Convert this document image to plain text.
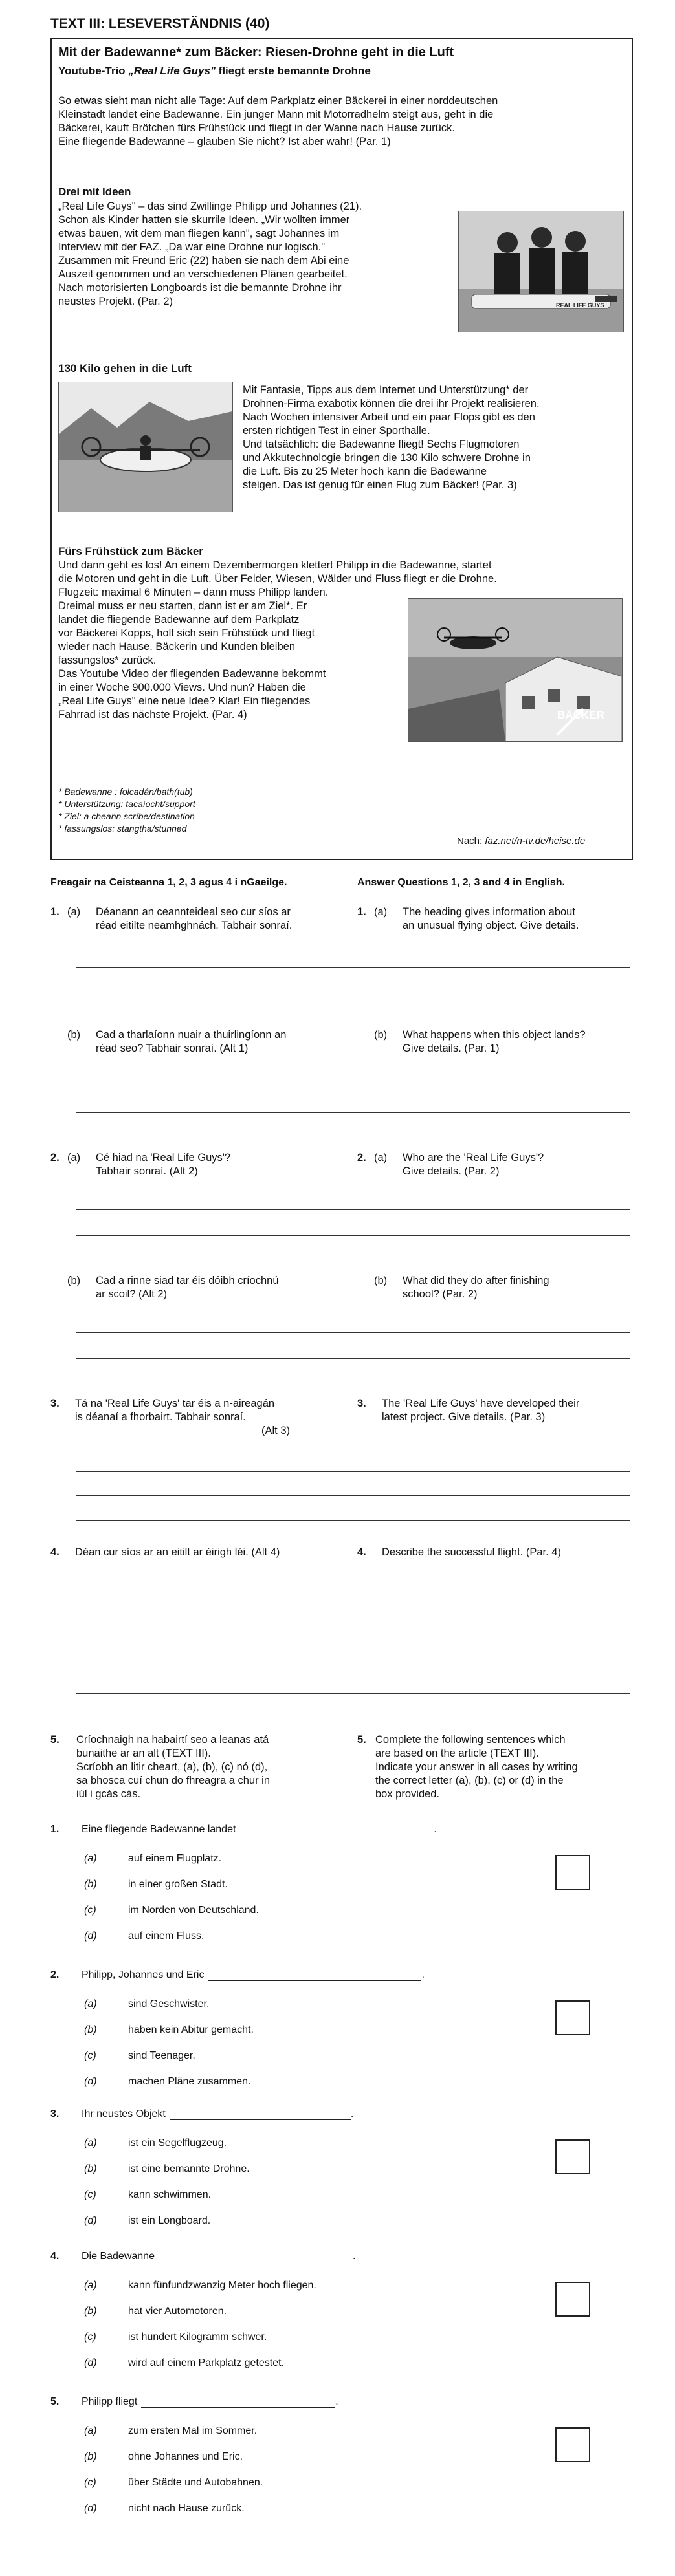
TEXT III: LESEVERSTÄNDNIS (40)
Mit der Badewanne* zum Bäcker: Riesen-Drohne geht in die Luft
Youtube-Trio „Real Life Guys" fliegt erste bemannte Drohne
So etwas sieht man nicht alle Tage: Auf dem Parkplatz einer Bäckerei in einer norddeutschen
Kleinstadt landet eine Badewanne. Ein junger Mann mit Motorradhelm steigt aus, geht in die
Bäckerei, kauft Brötchen fürs Frühstück und fliegt in der Wanne nach Hause zurück.
Eine fliegende Badewanne – glauben Sie nicht? Ist aber wahr! (Par. 1)
Drei mit Ideen
„Real Life Guys" – das sind Zwillinge Philipp und Johannes (21).
Schon als Kinder hatten sie skurrile Ideen. „Wir wollten immer
etwas bauen, wit dem man fliegen kann", sagt Johannes im
Interview mit der FAZ. „Da war eine Drohne nur logisch."
Zusammen mit Freund Eric (22) haben sie nach dem Abi eine
Auszeit genommen und an verschiedenen Plänen gearbeitet.
Nach motorisierten Longboards ist die bemannte Drohne ihr
neustes Projekt. (Par. 2)	REAL LIFE GUYS
130 Kilo gehen in die Luft
Mit Fantasie, Tipps aus dem Internet und Unterstützung* der
Drohnen-Firma exabotix können die drei ihr Projekt realisieren.
Nach Wochen intensiver Arbeit und ein paar Flops gibt es den
ersten richtigen Test in einer Sporthalle.
Und tatsächlich: die Badewanne fliegt! Sechs Flugmotoren
und Akkutechnologie bringen die 130 Kilo schwere Drohne in
die Luft. Bis zu 25 Meter hoch kann die Badewanne
steigen. Das ist genug für einen Flug zum Bäcker! (Par. 3)
Fürs Frühstück zum Bäcker
Und dann geht es los! An einem Dezembermorgen klettert Philipp in die Badewanne, startet
die Motoren und geht in die Luft. Über Felder, Wiesen, Wälder und Fluss fliegt er die Drohne.
Flugzeit: maximal 6 Minuten – dann muss Philipp landen.
Dreimal muss er neu starten, dann ist er am Ziel*. Er
landet die fliegende Badewanne auf dem Parkplatz
vor Bäckerei Kopps, holt sich sein Frühstück und fliegt
wieder nach Hause. Bäckerin und Kunden bleiben
fassungslos* zurück.
Das Youtube Video der fliegenden Badewanne bekommt
in einer Woche 900.000 Views. Und nun? Haben die
„Real Life Guys" eine neue Idee? Klar! Ein fliegendes
Fahrrad ist das nächste Projekt. (Par. 4)	BÄCKER
* Badewanne : folcadán/bath(tub)
* Unterstützung: tacaíocht/support
* Ziel: a cheann scríbe/destination
* fassungslos: stangtha/stunned
Nach: faz.net/n-tv.de/heise.de
Freagair na Ceisteanna 1, 2, 3 agus 4 i nGaeilge.	Answer Questions 1, 2, 3 and 4 in English.
1. (a) Déanann an ceannteideal seo cur síos ar
réad eitilte neamhghnách. Tabhair sonraí.
1. (a) The heading gives information about
an unusual flying object. Give details.
(b) Cad a tharlaíonn nuair a thuirlingíonn an
réad seo? Tabhair sonraí. (Alt 1)
(b) What happens when this object lands?
Give details. (Par. 1)
2. (a) Cé hiad na 'Real Life Guys'?
Tabhair sonraí. (Alt 2)
2. (a) Who are the 'Real Life Guys'?
Give details. (Par. 2)
(b) Cad a rinne siad tar éis dóibh críochnú
ar scoil? (Alt 2)
(b) What did they do after finishing
school? (Par. 2)
3. Tá na 'Real Life Guys' tar éis a n-aireagán
is déanaí a fhorbairt. Tabhair sonraí.
(Alt 3)
3. The 'Real Life Guys' have developed their
latest project. Give details. (Par. 3)
4. Déan cur síos ar an eitilt ar éirigh léi. (Alt 4)	4. Describe the successful flight. (Par. 4)
5. Críochnaigh na habairtí seo a leanas atá
bunaithe ar an alt (TEXT III).
Scríobh an litir cheart, (a), (b), (c) nó (d),
sa bhosca cuí chun do fhreagra a chur in
iúl i gcás cás.
5. Complete the following sentences which
are based on the article (TEXT III).
Indicate your answer in all cases by writing
the correct letter (a), (b), (c) or (d) in the
box provided.
1. Eine fliegende Badewanne landet	.
(a)	auf einem Flugplatz.
(b)	in einer großen Stadt.
(c)	im Norden von Deutschland.
(d)	auf einem Fluss.
2. Philipp, Johannes und Eric	.
(a)	sind Geschwister.
(b)	haben kein Abitur gemacht.
(c)	sind Teenager.
(d)	machen Pläne zusammen.
3. Ihr neustes Objekt	.
(a)	ist ein Segelflugzeug.
(b)	ist eine bemannte Drohne.
(c)	kann schwimmen.
(d)	ist ein Longboard.
4. Die Badewanne	.
(a)	kann fünfundzwanzig Meter hoch fliegen.
(b)	hat vier Automotoren.
(c)	ist hundert Kilogramm schwer.
(d)	wird auf einem Parkplatz getestet.
5. Philipp fliegt	.
(a)	zum ersten Mal im Sommer.
(b)	ohne Johannes und Eric.
(c)	über Städte und Autobahnen.
(d)	nicht nach Hause zurück.
